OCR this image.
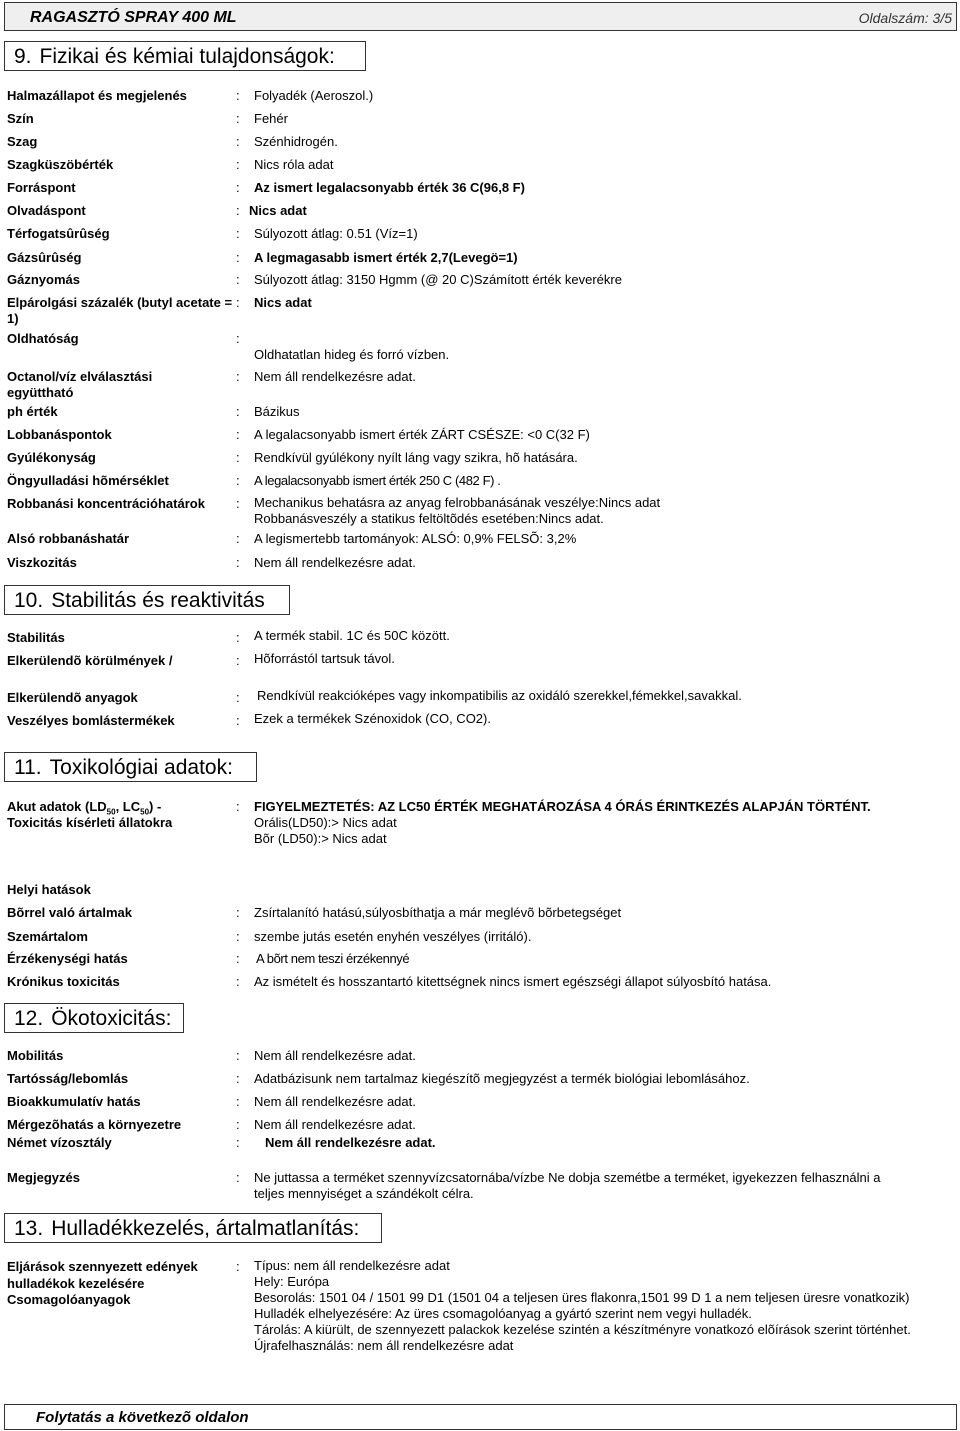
RAGASZTÓ SPRAY 400 ML	Oldalszám: 3/5
9. Fizikai és kémiai tulajdonságok:
Halmazállapot és megjelenés	: Folyadék (Aeroszol.)
Szín	: Fehér
Szag	: Szénhidrogén.
Szagküszöbérték	: Nics róla adat
Forráspont	: Az ismert legalacsonyabb érték 36 C(96,8 F)
Olvadáspont	: Nics adat
Térfogatsûrûség	: Súlyozott átlag: 0.51 (Víz=1)
Gázsûrûség	: A legmagasabb ismert érték 2,7(Levegö=1)
Gáznyomás	: Súlyozott átlag: 3150 Hgmm (@ 20 C)Számított érték keverékre
Elpárolgási százalék (butyl acetate =
1)
: Nics adat
Oldhatóság	:
Oldhatatlan hideg és forró vízben.
Octanol/víz elválasztási
együttható
: Nem áll rendelkezésre adat.
ph érték	: Bázikus
Lobbanáspontok	: A legalacsonyabb ismert érték ZÁRT CSÉSZE: <0 C(32 F)
Gyúlékonyság	: Rendkívül gyúlékony nyílt láng vagy szikra, hõ hatására.
Öngyulladási hõmérséklet	: A legalacsonyabb ismert érték 250 C (482 F) .
Robbanási koncentrációhatárok : Mechanikus behatásra az anyag felrobbanásának veszélye:Nincs adat
Robbanásveszély a statikus feltöltõdés esetében:Nincs adat.
Alsó robbanáshatár	: A legismertebb tartományok: ALSÓ: 0,9% FELSÕ: 3,2%
Viszkozitás	: Nem áll rendelkezésre adat.
10. Stabilitás és reaktivitás
Stabilitás	: A termék stabil. 1C és 50C között.
Elkerülendõ körülmények /	: Hõforrástól tartsuk távol.
Elkerülendõ anyagok	: Rendkívül reakcióképes vagy inkompatibilis az oxidáló szerekkel,fémekkel,savakkal.
Veszélyes bomlástermékek	: Ezek a termékek Szénoxidok (CO, CO2).
11. Toxikológiai adatok:
Akut adatok ($LD_{50}$, $LC_{50}$) -
Toxicitás kísérleti állatokra
: FIGYELMEZTETÉS: AZ LC50 ÉRTÉK MEGHATÁROZÁSA 4 ÓRÁS ÉRINTKEZÉS ALAPJÁN TÖRTÉNT.
Orális(LD50):> Nics adat
Bõr (LD50):> Nics adat
Helyi hatások
Bõrrel való ártalmak	: Zsírtalanító hatású,súlyosbíthatja a már meglévõ bõrbetegséget
Szemártalom	: szembe jutás esetén enyhén veszélyes (irritáló).
Érzékenységi hatás	: A bõrt nem teszi érzékennyé
Krónikus toxicitás	: Az ismételt és hosszantartó kitettségnek nincs ismert egészségi állapot súlyosbító hatása.
12. Ökotoxicitás:
Mobilitás	: Nem áll rendelkezésre adat.
Tartósság/lebomlás	: Adatbázisunk nem tartalmaz kiegészítõ megjegyzést a termék biológiai lebomlásához.
Bioakkumulatív hatás	: Nem áll rendelkezésre adat.
Mérgezõhatás a környezetre	: Nem áll rendelkezésre adat.
Német vízosztály	: Nem áll rendelkezésre adat.
Megjegyzés	: Ne juttassa a terméket szennyvízcsatornába/vízbe Ne dobja szemétbe a terméket, igyekezzen felhasználni a
teljes mennyiséget a szándékolt célra.
13. Hulladékkezelés, ártalmatlanítás:
Eljárások szennyezett edények
hulladékok kezelésére
Csomagolóanyagok
: Típus: nem áll rendelkezésre adat
Hely: Európa
Besorolás: 1501 04 / 1501 99 D1 (1501 04 a teljesen üres flakonra,1501 99 D 1 a nem teljesen üresre vonatkozik)
Hulladék elhelyezésére: Az üres csomagolóanyag a gyártó szerint nem vegyi hulladék.
Tárolás: A kiürült, de szennyezett palackok kezelése szintén a készítményre vonatkozó elõírások szerint történhet.
Újrafelhasználás: nem áll rendelkezésre adat
Folytatás a következõ oldalon
